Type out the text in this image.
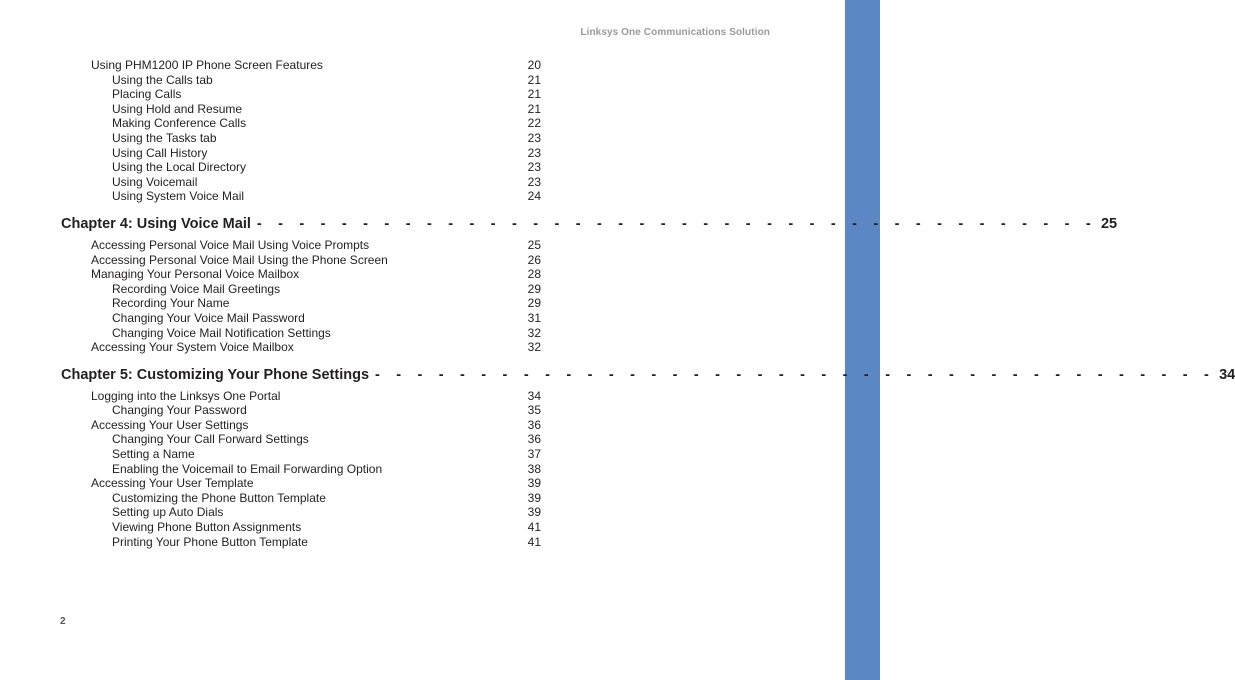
Linksys One Communications Solution
Using PHM1200 IP Phone Screen Features	20
Using the Calls tab	21
Placing Calls	21
Using Hold and Resume	21
Making Conference Calls	22
Using the Tasks tab	23
Using Call History	23
Using the Local Directory	23
Using Voicemail	23
Using System Voice Mail	24
Chapter 4: Using Voice Mail - - - - - - - - - - - - - - - - - - - - - - - - - - - - - - - - - - - - - - - - 25
Accessing Personal Voice Mail Using Voice Prompts	25
Accessing Personal Voice Mail Using the Phone Screen	26
Managing Your Personal Voice Mailbox	28
Recording Voice Mail Greetings	29
Recording Your Name	29
Changing Your Voice Mail Password	31
Changing Voice Mail Notification Settings	32
Accessing Your System Voice Mailbox	32
Chapter 5: Customizing Your Phone Settings - - - - - - - - - - - - - - - - - - - - - - - - - - - - - - - - - - - - - - - - 34
Logging into the Linksys One Portal	34
Changing Your Password	35
Accessing Your User Settings	36
Changing Your Call Forward Settings	36
Setting a Name	37
Enabling the Voicemail to Email Forwarding Option	38
Accessing Your User Template	39
Customizing the Phone Button Template	39
Setting up Auto Dials	39
Viewing Phone Button Assignments	41
Printing Your Phone Button Template	41
2
